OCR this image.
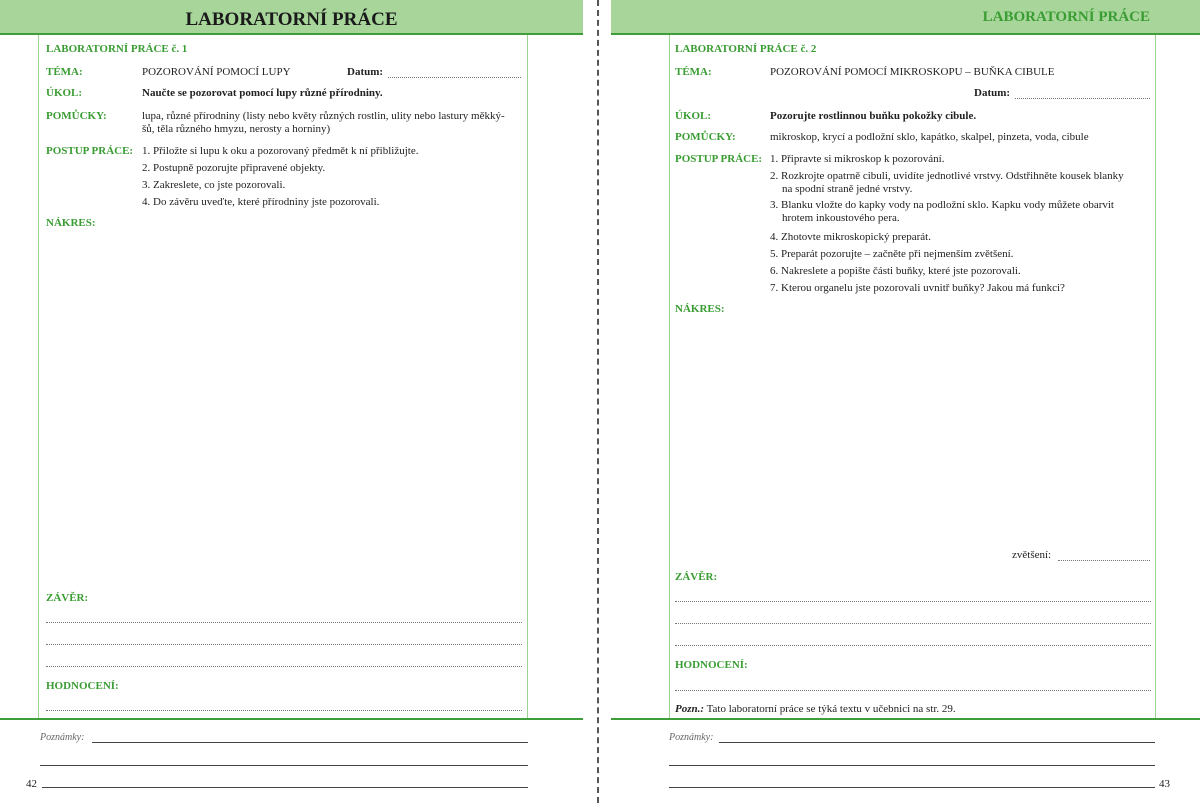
LABORATORNÍ PRÁCE
LABORATORNÍ PRÁCE č. 1
TÉMA:	POZOROVÁNÍ POMOCÍ LUPY	Datum:
ÚKOL:	Naučte se pozorovat pomocí lupy různé přírodniny.
POMŮCKY:	lupa, různé přírodniny (listy nebo květy různých rostlin, ulity nebo lastury měkký-
šů, těla různého hmyzu, nerosty a horniny)
POSTUP PRÁCE: 1. Přiložte si lupu k oku a pozorovaný předmět k ní přibližujte.
2. Postupně pozorujte připravené objekty.
3. Zakreslete, co jste pozorovali.
4. Do závěru uveďte, které přírodniny jste pozorovali.
NÁKRES:
ZÁVĚR:
HODNOCENÍ:
Poznámky:
42
LABORATORNÍ PRÁCE
LABORATORNÍ PRÁCE č. 2
TÉMA:	POZOROVÁNÍ POMOCÍ MIKROSKOPU – BUŇKA CIBULE
Datum:
ÚKOL:	Pozorujte rostlinnou buňku pokožky cibule.
POMŮCKY:	mikroskop, krycí a podložní sklo, kapátko, skalpel, pinzeta, voda, cibule
POSTUP PRÁCE: 1. Připravte si mikroskop k pozorování.
2. Rozkrojte opatrně cibuli, uvidíte jednotlivé vrstvy. Odstřihněte kousek blanky
na spodní straně jedné vrstvy.
3. Blanku vložte do kapky vody na podložní sklo. Kapku vody můžete obarvit
hrotem inkoustového pera.
4. Zhotovte mikroskopický preparát.
5. Preparát pozorujte – začněte při nejmenším zvětšení.
6. Nakreslete a popište části buňky, které jste pozorovali.
7. Kterou organelu jste pozorovali uvnitř buňky? Jakou má funkci?
NÁKRES:
zvětšení:
ZÁVĚR:
HODNOCENÍ:
Pozn.: Tato laboratorní práce se týká textu v učebnici na str. 29.
Poznámky:
43
